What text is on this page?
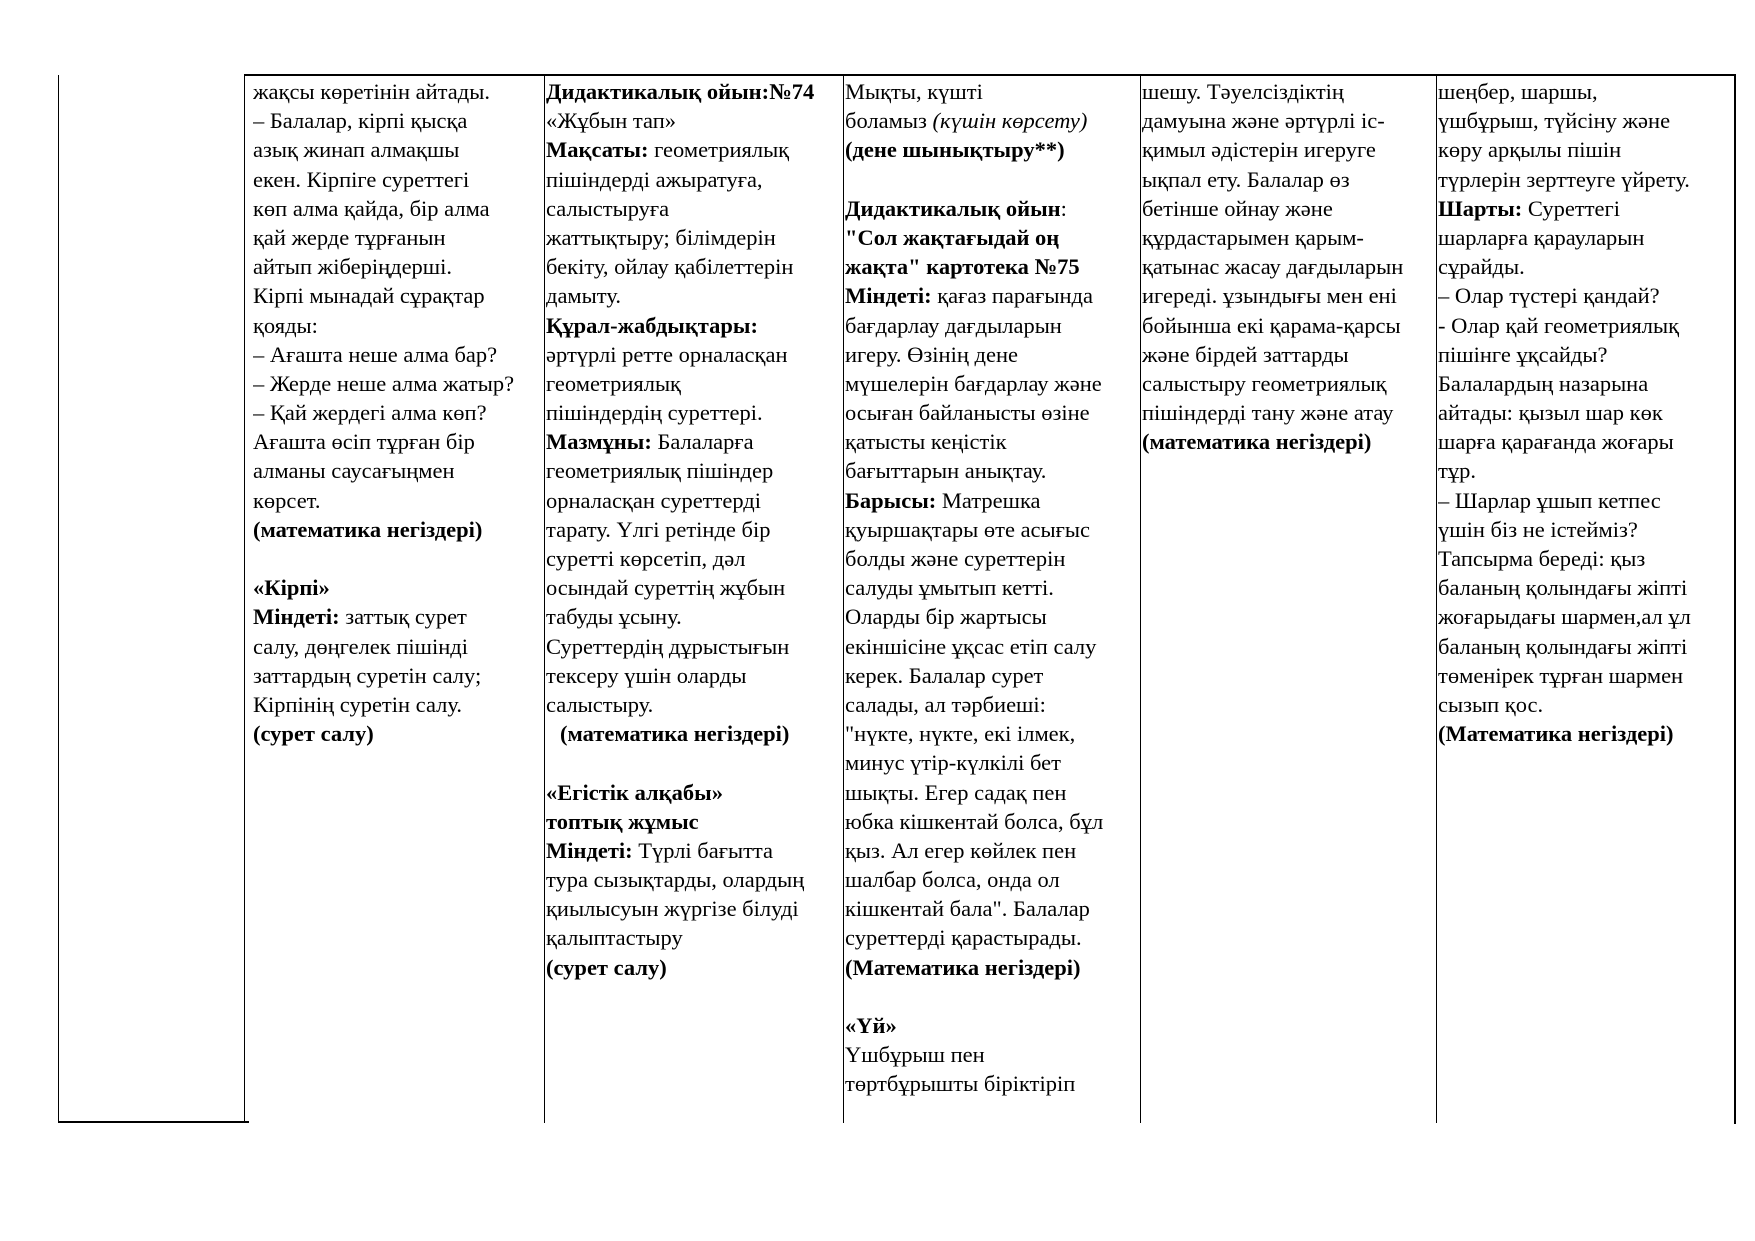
жақсы көретінін айтады.
– Балалар, кірпі қысқа
азық жинап алмақшы
екен. Кірпіге суреттегі
көп алма қайда, бір алма
қай жерде тұрғанын
айтып жіберіңдерші.
Кірпі мынадай сұрақтар
қояды:
– Ағашта неше алма бар?
– Жерде неше алма жатыр?
– Қай жердегі алма көп?
Ағашта өсіп тұрған бір
алманы саусағыңмен
көрсет.
(математика негіздері)
«Кірпі»
Міндеті: заттық сурет
салу, дөңгелек пішінді
заттардың суретін салу;
Кірпінің суретін салу.
(сурет салу)
Дидактикалық ойын:№74
«Жұбын тап»
Мақсаты: геометриялық
пішіндерді ажыратуға,
салыстыруға
жаттықтыру; білімдерін
бекіту, ойлау қабілеттерін
дамыту.
Құрал-жабдықтары:
әртүрлі ретте орналасқан
геометриялық
пішіндердің суреттері.
Мазмұны: Балаларға
геометриялық пішіндер
орналасқан суреттерді
тарату. Үлгі ретінде бір
суретті көрсетіп, дәл
осындай суреттің жұбын
табуды ұсыну.
Суреттердің дұрыстығын
тексеру үшін оларды
салыстыру.
(математика негіздері)
«Егістік алқабы»
топтық жұмыс
Міндеті: Түрлі бағытта
тура сызықтарды, олардың
қиылысуын жүргізе білуді
қалыптастыру
(сурет салу)
Мықты, күшті
боламыз (күшін көрсету)
(дене шынықтыру**)
Дидактикалық ойын:
"Сол жақтағыдай оң
жақта" картотека №75
Міндеті: қағаз парағында
бағдарлау дағдыларын
игеру. Өзінің дене
мүшелерін бағдарлау және
осыған байланысты өзіне
қатысты кеңістік
бағыттарын анықтау.
Барысы: Матрешка
қуыршақтары өте асығыс
болды және суреттерін
салуды ұмытып кетті.
Оларды бір жартысы
екіншісіне ұқсас етіп салу
керек. Балалар сурет
салады, ал тәрбиеші:
"нүкте, нүкте, екі ілмек,
минус үтір-күлкілі бет
шықты. Егер садақ пен
юбка кішкентай болса, бұл
қыз. Ал егер көйлек пен
шалбар болса, онда ол
кішкентай бала". Балалар
суреттерді қарастырады.
(Математика негіздері)
«Үй»
Үшбұрыш пен
төртбұрышты біріктіріп
шешу. Тәуелсіздіктің
дамуына және әртүрлі іс-
қимыл әдістерін игеруге
ықпал ету. Балалар өз
бетінше ойнау және
құрдастарымен қарым-
қатынас жасау дағдыларын
игереді. ұзындығы мен ені
бойынша екі қарама-қарсы
және бірдей заттарды
салыстыру геометриялық
пішіндерді тану және атау
(математика негіздері)
шеңбер, шаршы,
үшбұрыш, түйсіну және
көру арқылы пішін
түрлерін зерттеуге үйрету.
Шарты: Суреттегі
шарларға қарауларын
сұрайды.
– Олар түстері қандай?
- Олар қай геометриялық
пішінге ұқсайды?
Балалардың назарына
айтады: қызыл шар көк
шарға қарағанда жоғары
тұр.
– Шарлар ұшып кетпес
үшін біз не істейміз?
Тапсырма береді: қыз
баланың қолындағы жіпті
жоғарыдағы шармен,ал ұл
баланың қолындағы жіпті
төменірек тұрған шармен
сызып қос.
(Математика негіздері)
